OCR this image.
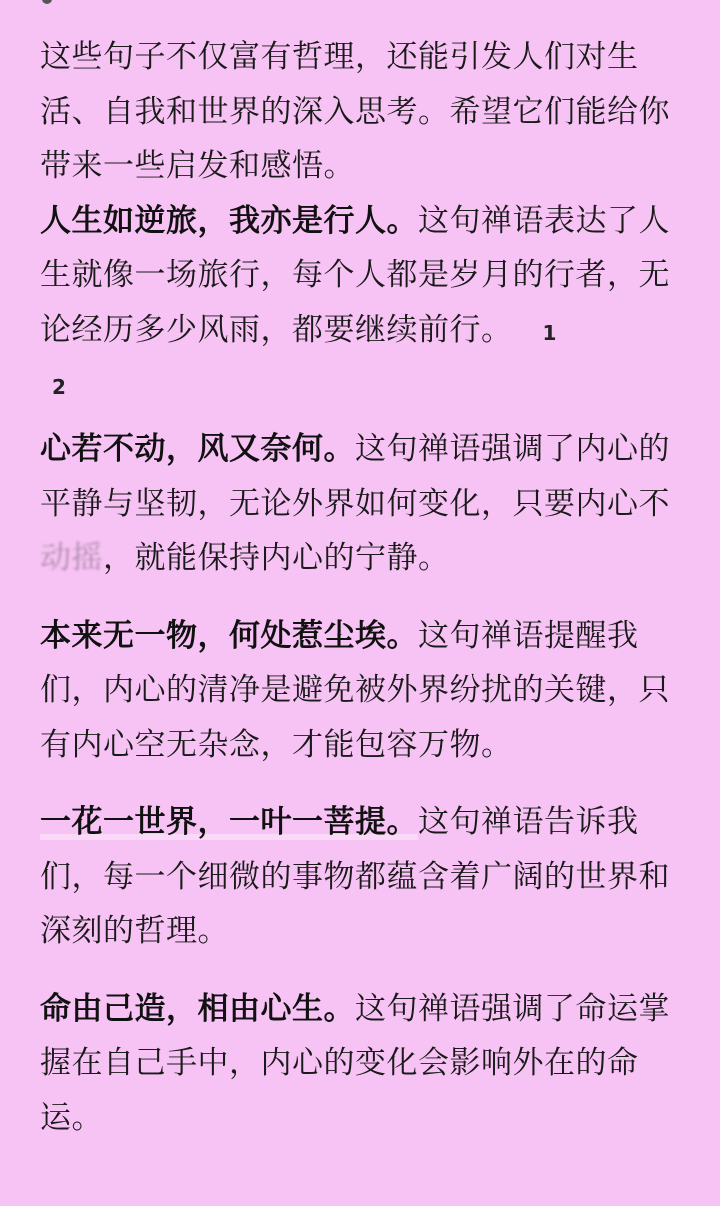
这些句子不仅富有哲理，还能引发人们对生活、自我和世界的深入思考。希望它们能给你带来一些启发和感悟。

人生如逆旅，我亦是行人。这句禅语表达了人生就像一场旅行，每个人都是岁月的行者，无论经历多少风雨，都要继续前行。 1
2

心若不动，风又奈何。这句禅语强调了内心的平静与坚韧，无论外界如何变化，只要内心不动摇，就能保持内心的宁静。

本来无一物，何处惹尘埃。这句禅语提醒我们，内心的清净是避免被外界纷扰的关键，只有内心空无杂念，才能包容万物。

一花一世界，一叶一菩提。这句禅语告诉我们，每一个细微的事物都蕴含着广阔的世界和深刻的哲理。

命由己造，相由心生。这句禅语强调了命运掌握在自己手中，内心的变化会影响外在的命运。
